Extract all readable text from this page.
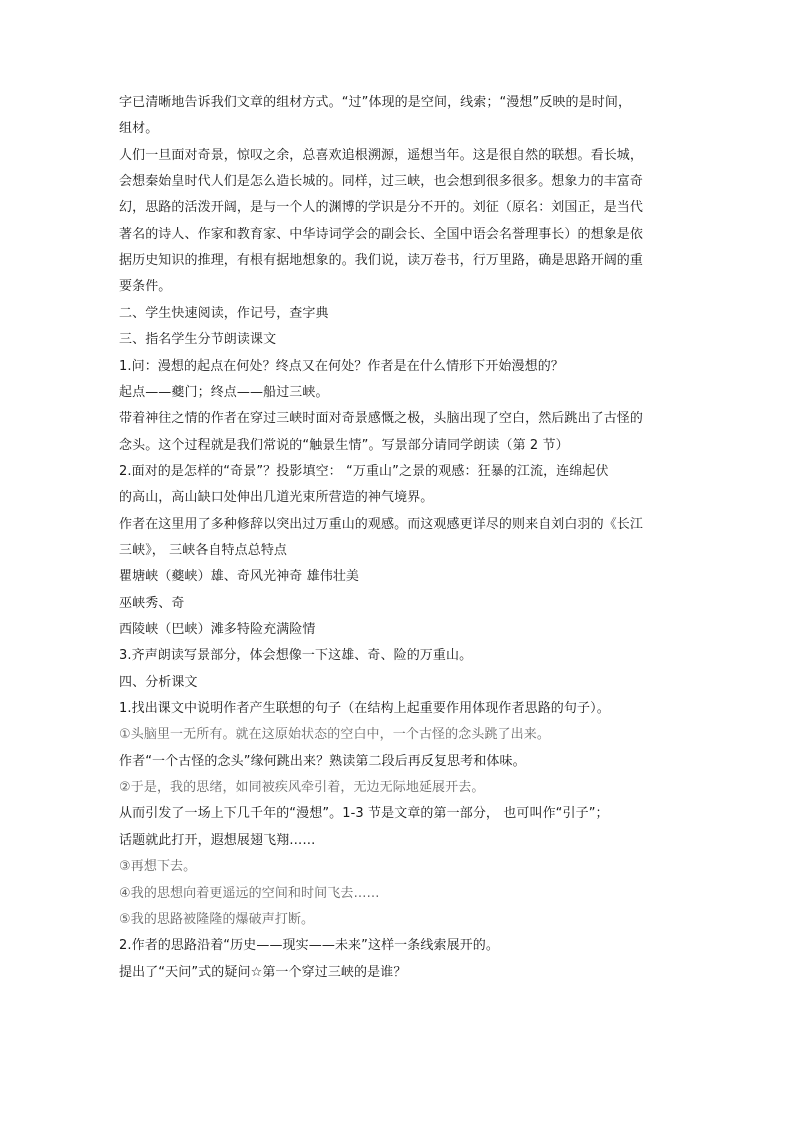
字已清晰地告诉我们文章的组材方式。“过”体现的是空间，线索；“漫想”反映的是时间，
组材。
人们一旦面对奇景，惊叹之余，总喜欢追根溯源，遥想当年。这是很自然的联想。看长城，
会想秦始皇时代人们是怎么造长城的。同样，过三峡，也会想到很多很多。想象力的丰富奇
幻，思路的活泼开阔，是与一个人的渊博的学识是分不开的。刘征（原名：刘国正，是当代
著名的诗人、作家和教育家、中华诗词学会的副会长、全国中语会名誉理事长）的想象是依
据历史知识的推理，有根有据地想象的。我们说，读万卷书，行万里路，确是思路开阔的重
要条件。
二、学生快速阅读，作记号，查字典
三、指名学生分节朗读课文
1.问：漫想的起点在何处？终点又在何处？作者是在什么情形下开始漫想的？
起点——夔门；终点——船过三峡。
带着神往之情的作者在穿过三峡时面对奇景感慨之极，头脑出现了空白，然后跳出了古怪的
念头。这个过程就是我们常说的“触景生情”。写景部分请同学朗读（第 2 节）
2.面对的是怎样的“奇景”？投影填空： “万重山”之景的观感：狂暴的江流，连绵起伏
的高山，高山缺口处伸出几道光束所营造的神气境界。
作者在这里用了多种修辞以突出过万重山的观感。而这观感更详尽的则来自刘白羽的《长江
三峡》， 三峡各自特点总特点
瞿塘峡（夔峡）雄、奇风光神奇 雄伟壮美
巫峡秀、奇
西陵峡（巴峡）滩多特险充满险情
3.齐声朗读写景部分，体会想像一下这雄、奇、险的万重山。
四、分析课文
1.找出课文中说明作者产生联想的句子（在结构上起重要作用体现作者思路的句子）。
①头脑里一无所有。就在这原始状态的空白中，一个古怪的念头跳了出来。
作者“一个古怪的念头”缘何跳出来？熟读第二段后再反复思考和体味。
②于是，我的思绪，如同被疾风牵引着，无边无际地延展开去。
从而引发了一场上下几千年的“漫想”。1-3 节是文章的第一部分， 也可叫作“引子”；
话题就此打开，遐想展翅飞翔……
③再想下去。
④我的思想向着更遥远的空间和时间飞去……
⑤我的思路被隆隆的爆破声打断。
2.作者的思路沿着“历史——现实——未来”这样一条线索展开的。
提出了“天问”式的疑问☆第一个穿过三峡的是谁？
